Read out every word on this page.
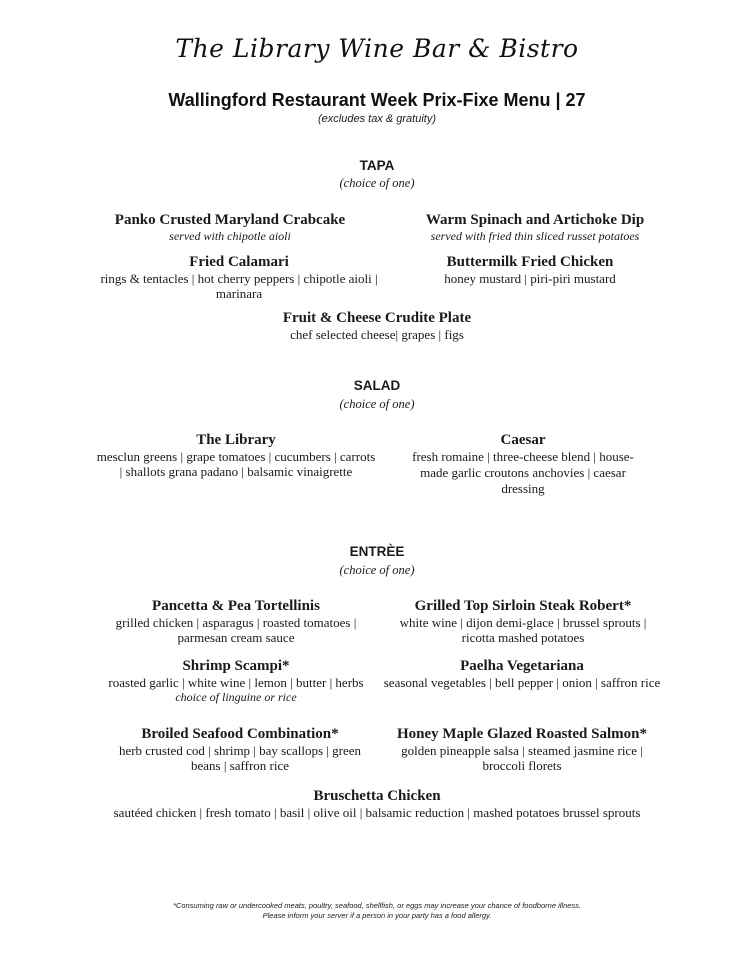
The Library Wine Bar & Bistro
Wallingford Restaurant Week Prix-Fixe Menu | 27
(excludes tax & gratuity)
TAPA
(choice of one)
Panko Crusted Maryland Crabcake
served with chipotle aioli
Warm Spinach and Artichoke Dip
served with fried thin sliced russet potatoes
Fried Calamari
rings & tentacles | hot cherry peppers | chipotle aioli | marinara
Buttermilk Fried Chicken
honey mustard | piri-piri mustard
Fruit & Cheese Crudite Plate
chef selected cheese| grapes | figs
SALAD
(choice of one)
The Library
mesclun greens | grape tomatoes | cucumbers | carrots | shallots grana padano | balsamic vinaigrette
Caesar
fresh romaine | three-cheese blend | house-made garlic croutons anchovies | caesar dressing
ENTRÈE
(choice of one)
Pancetta & Pea Tortellinis
grilled chicken | asparagus | roasted tomatoes | parmesan cream sauce
Grilled Top Sirloin Steak Robert*
white wine | dijon demi-glace | brussel sprouts | ricotta mashed potatoes
Shrimp Scampi*
roasted garlic | white wine | lemon | butter | herbs
choice of linguine or rice
Paelha Vegetariana
seasonal vegetables | bell pepper | onion | saffron rice
Broiled Seafood Combination*
herb crusted cod | shrimp | bay scallops | green beans | saffron rice
Honey Maple Glazed Roasted Salmon*
golden pineapple salsa | steamed jasmine rice | broccoli florets
Bruschetta Chicken
sautéed chicken | fresh tomato | basil | olive oil | balsamic reduction | mashed potatoes brussel sprouts
*Consuming raw or undercooked meats, poultry, seafood, shellfish, or eggs may increase your chance of foodborne illness.
Please inform your server if a person in your party has a food allergy.
